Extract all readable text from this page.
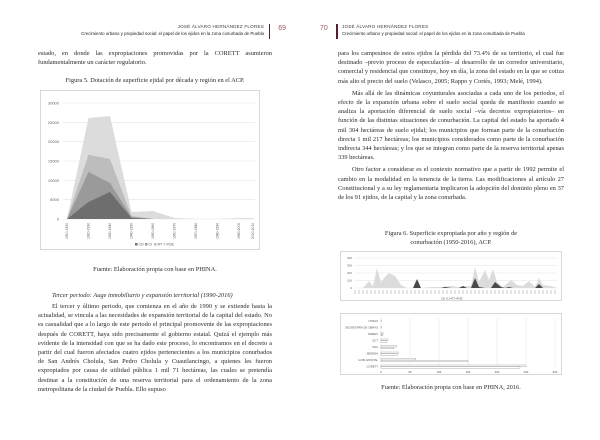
JOSÉ ÁLVARO HERNÁNDEZ FLORES
Crecimiento urbano y propiedad social: el papel de los ejidos en la zona conurbada de Puebla
69

estado, en donde las expropiaciones promovidas por la CORETT asumieron fundamentalmente un carácter regulatorio.

Figura 5. Dotación de superficie ejidal por década y región en el ACP.
30000
25000
20000
15000
10000
5000
0
1910-1920	1920-1930	1930-1940	1940-1950	1950-1960	1960-1970	1970-1980	1980-1990	1990-2000	2000-2010
CD CI RT PUE
Fuente: Elaboración propia con base en PHINA.
Tercer periodo: Auge inmobiliario y expansión territorial (1990-2016)

El tercer y último periodo, que comienza en el año de 1990 y se extiende hasta la actualidad, se vincula a las necesidades de expansión territorial de la capital del estado. No es casualidad que a lo largo de este periodo el principal promovente de las expropiaciones después de CORETT, haya sido precisamente el gobierno estatal. Quizá el ejemplo más evidente de la intensidad con que se ha dado este proceso, lo encontramos en el decreto a partir del cual fueron afectados cuatro ejidos pertenecientes a los municipios conurbados de San Andrés Cholula, San Pedro Cholula y Cuautlancingo, a quienes les fueron expropiados por causa de utilidad pública 1 mil 71 hectáreas, las cuales se pretendía destinar a la constitución de una reserva territorial para el ordenamiento de la zona metropolitana de la ciudad de Puebla. Ello supuso

70	JOSÉ ÁLVARO HERNÁNDEZ FLORES
Crecimiento urbano y propiedad social: el papel de los ejidos en la zona conurbada de Puebla

para los campesinos de estos ejidos la pérdida del 73.4% de su territorio, el cual fue destinado –previo proceso de especulación– al desarrollo de un corredor universitario, comercial y residencial que constituye, hoy en día, la zona del estado en la que se cotiza más alto el precio del suelo (Velasco, 2005; Rappo y Cortés, 1993; Melé, 1994).

Más allá de las dinámicas coyunturales asociadas a cada uno de los periodos, el efecto de la expansión urbana sobre el suelo social queda de manifiesto cuando se analiza la aportación diferencial de suelo social –vía decretos expropiatorios– en función de las distintas situaciones de conurbación. La capital del estado ha aportado 4 mil 304 hectáreas de suelo ejidal; los municipios que forman parte de la conurbación directa 1 mil 217 hectáreas; los municipios considerados como parte de la conurbación indirecta 344 hectáreas; y los que se integran como parte de la reserva territorial apenas 339 hectáreas.

Otro factor a considerar es el contexto normativo que a partir de 1992 permite el cambio en la modalidad en la tenencia de la tierra. Las modificaciones al artículo 27 Constitucional y a su ley reglamentaria implicaron la adopción del dominio pleno en 37 de los 91 ejidos, de la capital y la zona conurbada.

Figura 6. Superficie expropiada por año y región de
conurbación (1950-2016), ACP.
400
300
200
100
0
CD ▪CI ▪RT ▪PUE
OTRAS
SECRETARÍA DE OBRAS
PEMEX
SCT
CNA
SEDENA
GOB. ESTATAL
CORETT
0	50	100	150	200	250	300
Fuente: Elaboración propia con base en PHINA, 2016.
